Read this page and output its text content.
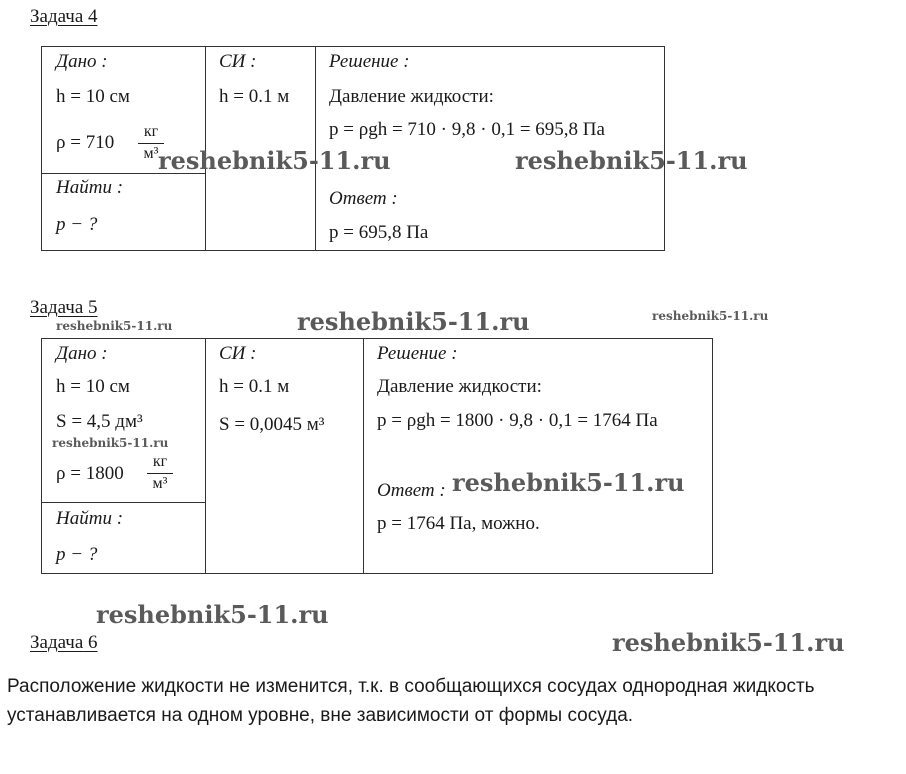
Задача 4
Дано :
h = 10 см
ρ = 710
кг
м³
Найти :
p − ?
СИ :
h = 0.1 м
Решение :
Давление жидкости:
p = ρgh = 710 · 9,8 · 0,1 = 695,8 Па
Ответ :
p = 695,8 Па
Задача 5
Дано :
h = 10 см
S = 4,5 дм³
ρ = 1800
кг
м³
Найти :
p − ?
СИ :
h = 0.1 м
S = 0,0045 м³
Решение :
Давление жидкости:
p = ρgh = 1800 · 9,8 · 0,1 = 1764 Па
Ответ :
p = 1764 Па, можно.
Задача 6
Расположение жидкости не изменится, т.к. в сообщающихся сосудах однородная жидкость
устанавливается на одном уровне, вне зависимости от формы сосуда.
reshebnik5-11.ru	reshebnik5-11.ru
reshebnik5-11.ru	reshebnik5-11.ru	reshebnik5-11.ru
reshebnik5-11.ru
reshebnik5-11.ru
reshebnik5-11.ru
reshebnik5-11.ru
